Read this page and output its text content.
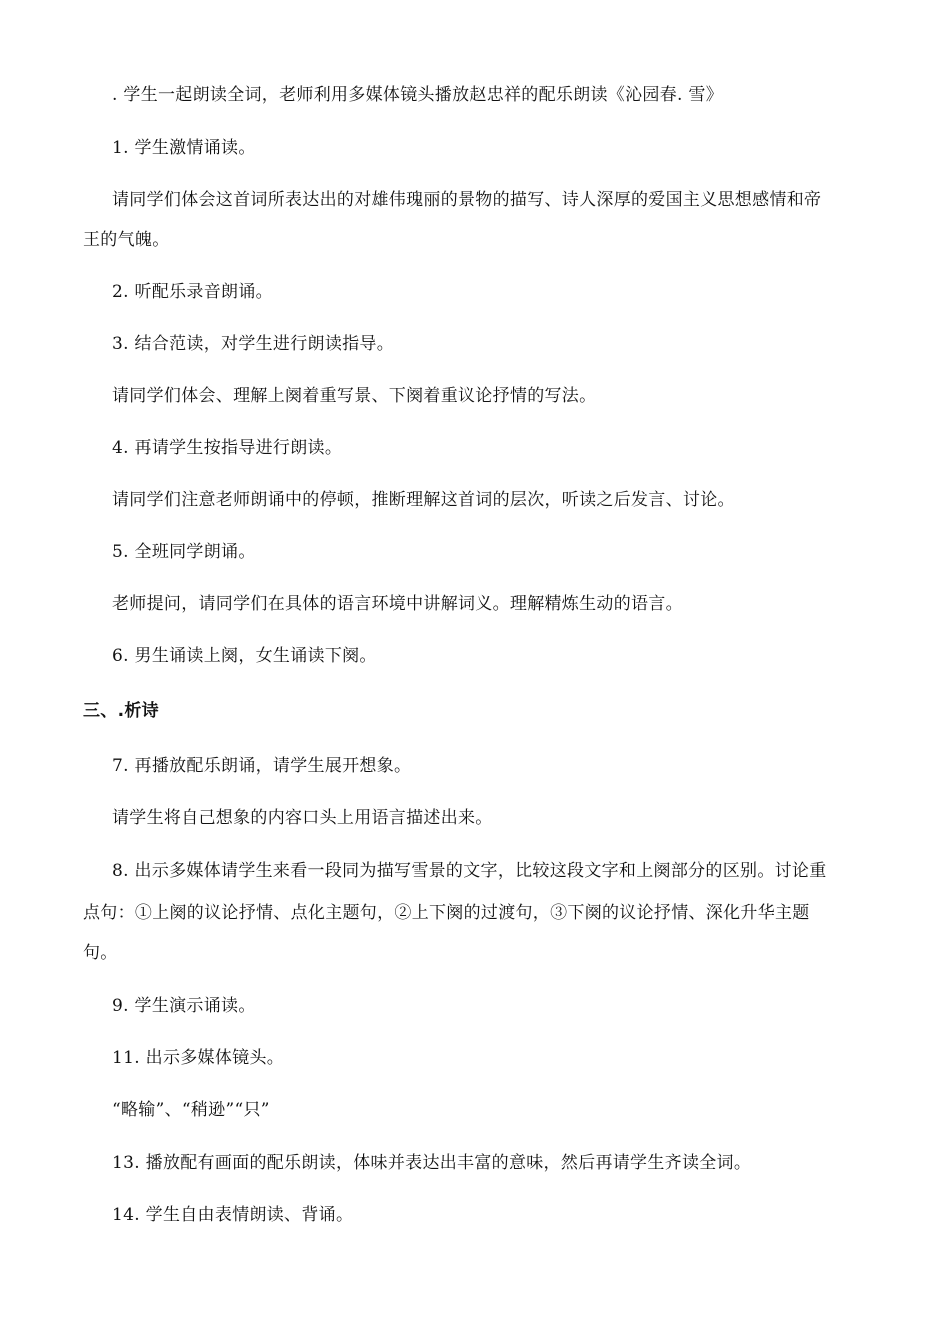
. 学生一起朗读全词，老师利用多媒体镜头播放赵忠祥的配乐朗读《沁园春. 雪》
1. 学生激情诵读。
请同学们体会这首词所表达出的对雄伟瑰丽的景物的描写、诗人深厚的爱国主义思想感情和帝
王的气魄。
2. 听配乐录音朗诵。
3. 结合范读，对学生进行朗读指导。
请同学们体会、理解上阕着重写景、下阕着重议论抒情的写法。
4. 再请学生按指导进行朗读。
请同学们注意老师朗诵中的停顿，推断理解这首词的层次，听读之后发言、讨论。
5. 全班同学朗诵。
老师提问，请同学们在具体的语言环境中讲解词义。理解精炼生动的语言。
6. 男生诵读上阕，女生诵读下阕。
三、.析诗
7. 再播放配乐朗诵，请学生展开想象。
请学生将自己想象的内容口头上用语言描述出来。
8. 出示多媒体请学生来看一段同为描写雪景的文字，比较这段文字和上阕部分的区别。讨论重
点句：①上阕的议论抒情、点化主题句，②上下阕的过渡句，③下阕的议论抒情、深化升华主题
句。
9. 学生演示诵读。
11. 出示多媒体镜头。
“略输”、“稍逊”“只”
13. 播放配有画面的配乐朗读，体味并表达出丰富的意味，然后再请学生齐读全词。
14. 学生自由表情朗读、背诵。
